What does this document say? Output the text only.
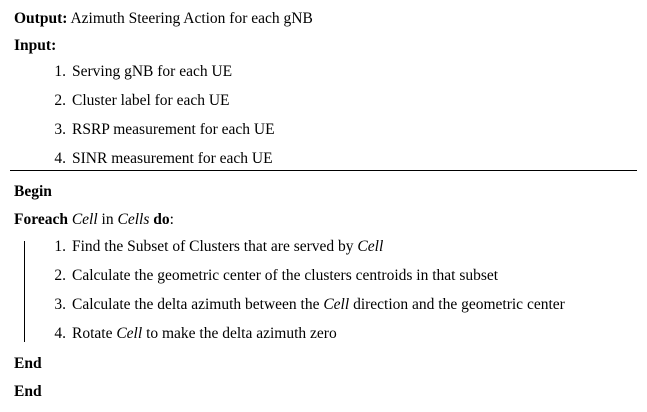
Output: Azimuth Steering Action for each gNB

Input:

1. Serving gNB for each UE
2. Cluster label for each UE
3. RSRP measurement for each UE
4. SINR measurement for each UE

Begin

Foreach Cell in Cells do:

1. Find the Subset of Clusters that are served by Cell
2. Calculate the geometric center of the clusters centroids in that subset
3. Calculate the delta azimuth between the Cell direction and the geometric center
4. Rotate Cell to make the delta azimuth zero

End

End
